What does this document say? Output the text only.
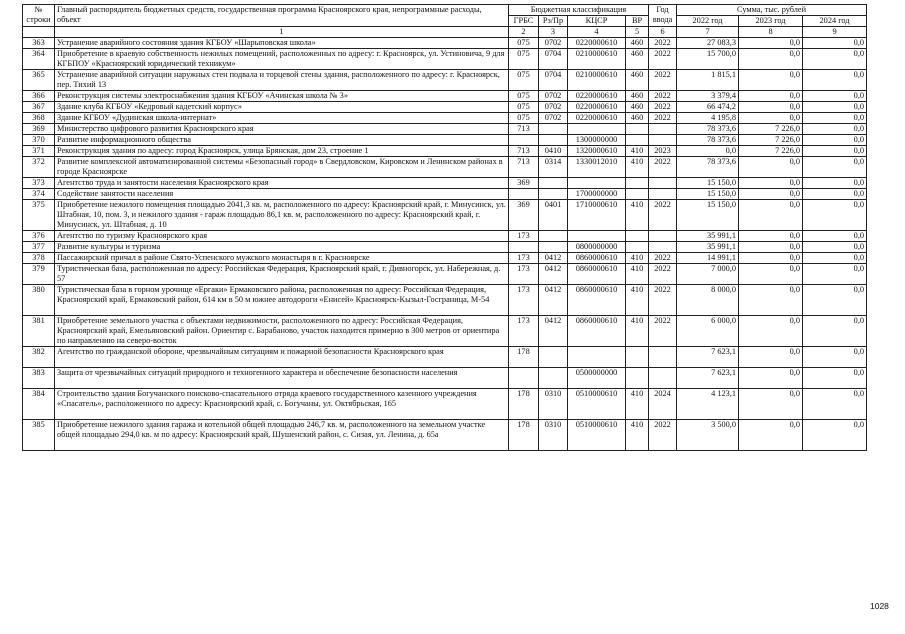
№
строки	Главный распорядитель бюджетных средств, государственная программа Красноярского края, непрограммные расходы, объект	Бюджетная классификация				Год
ввода	Сумма, тыс. рублей		
		ГРБС	Рз/Пр	КЦСР	ВР		2022 год	2023 год	2024 год
	1	2	3	4	5	6	7	8	9
363	Устранение аварийного состояния здания КГБОУ «Шарыповская школа»	075	0702	0220000610	460	2022	27 083,3	0,0	0,0
364	Приобретение в краевую собственность нежилых помещений, расположенных по адресу: г. Красноярск, ул. Устиновича, 9 для КГБПОУ «Красноярский юридический техникум»	075	0704	0210000610	460	2022	15 700,0	0,0	0,0
365	Устранение аварийной ситуации наружных стен подвала и торцевой стены здания, расположенного по адресу: г. Красноярск, пер. Тихий 13	075	0704	0210000610	460	2022	1 815,1	0,0	0,0
366	Реконструкция системы электроснабжения здания КГБОУ «Ачинская школа № 3»	075	0702	0220000610	460	2022	3 379,4	0,0	0,0
367	Здание клуба КГБОУ «Кедровый кадетский корпус»	075	0702	0220000610	460	2022	66 474,2	0,0	0,0
368	Здание КГБОУ «Дудинская школа-интернат»	075	0702	0220000610	460	2022	4 195,8	0,0	0,0
369	Министерство цифрового развития Красноярского края	713					78 373,6	7 226,0	0,0
370	Развитие информационного общества			1300000000			78 373,6	7 226,0	0,0
371	Реконструкция здания по адресу: город Красноярск, улица Брянская, дом 23, строение 1	713	0410	1320000610	410	2023	0,0	7 226,0	0,0
372	Развитие комплексной автоматизированной системы «Безопасный город» в Свердловском, Кировском и Ленинском районах в городе Красноярске	713	0314	1330012010	410	2022	78 373,6	0,0	0,0
373	Агентство труда и занятости населения Красноярского края	369					15 150,0	0,0	0,0
374	Содействие занятости населения			1700000000			15 150,0	0,0	0,0
375	Приобретение нежилого помещения площадью 2041,3 кв. м, расположенного по адресу: Красноярский край, г. Минусинск, ул. Штабная, 10, пом. 3, и нежилого здания - гараж площадью 86,1 кв. м, расположенного по адресу: Красноярский край, г. Минусинск, ул. Штабная, д. 10	369	0401	1710000610	410	2022	15 150,0	0,0	0,0
376	Агентство по туризму Красноярского края	173					35 991,1	0,0	0,0
377	Развитие культуры и туризма			0800000000			35 991,1	0,0	0,0
378	Пассажирский причал в районе Свято-Успенского мужского монастыря в г. Красноярске	173	0412	0860000610	410	2022	14 991,1	0,0	0,0
379	Туристическая база, расположенная по адресу: Российская Федерация, Красноярский край, г. Дивногорск, ул. Набережная, д. 57	173	0412	0860000610	410	2022	7 000,0	0,0	0,0
380	Туристическая база в горном урочище «Ергаки» Ермаковского района, расположенная по адресу: Российская Федерация, Красноярский край, Ермаковский район, 614 км в 50 м южнее автодороги «Енисей» Красноярск-Кызыл-Госграница, М-54	173	0412	0860000610	410	2022	8 000,0	0,0	0,0
381	Приобретение земельного участка с объектами недвижимости, расположенного по адресу: Российская Федерация, Красноярский край, Емельяновский район. Ориентир с. Барабаново, участок находится примерно в 300 метров от ориентира по направлению на северо-восток	173	0412	0860000610	410	2022	6 000,0	0,0	0,0
382	Агентство по гражданской обороне, чрезвычайным ситуациям и пожарной безопасности Красноярского края	178					7 623,1	0,0	0,0
383	Защита от чрезвычайных ситуаций природного и техногенного характера и обеспечение безопасности населения			0500000000			7 623,1	0,0	0,0
384	Строительство здания Богучанского поисково-спасательного отряда краевого государственного казенного учреждения «Спасатель», расположенного по адресу: Красноярский край, с. Богучаны, ул. Октябрьская, 165	178	0310	0510000610	410	2024	4 123,1	0,0	0,0
385	Приобретение нежилого здания гаража и котельной общей площадью 246,7 кв. м, расположенного на земельном участке общей площадью 294,0 кв. м по адресу: Красноярский край, Шушенский район, с. Сизая, ул. Ленина, д. 65а	178	0310	0510000610	410	2022	3 500,0	0,0	0,0
1028
